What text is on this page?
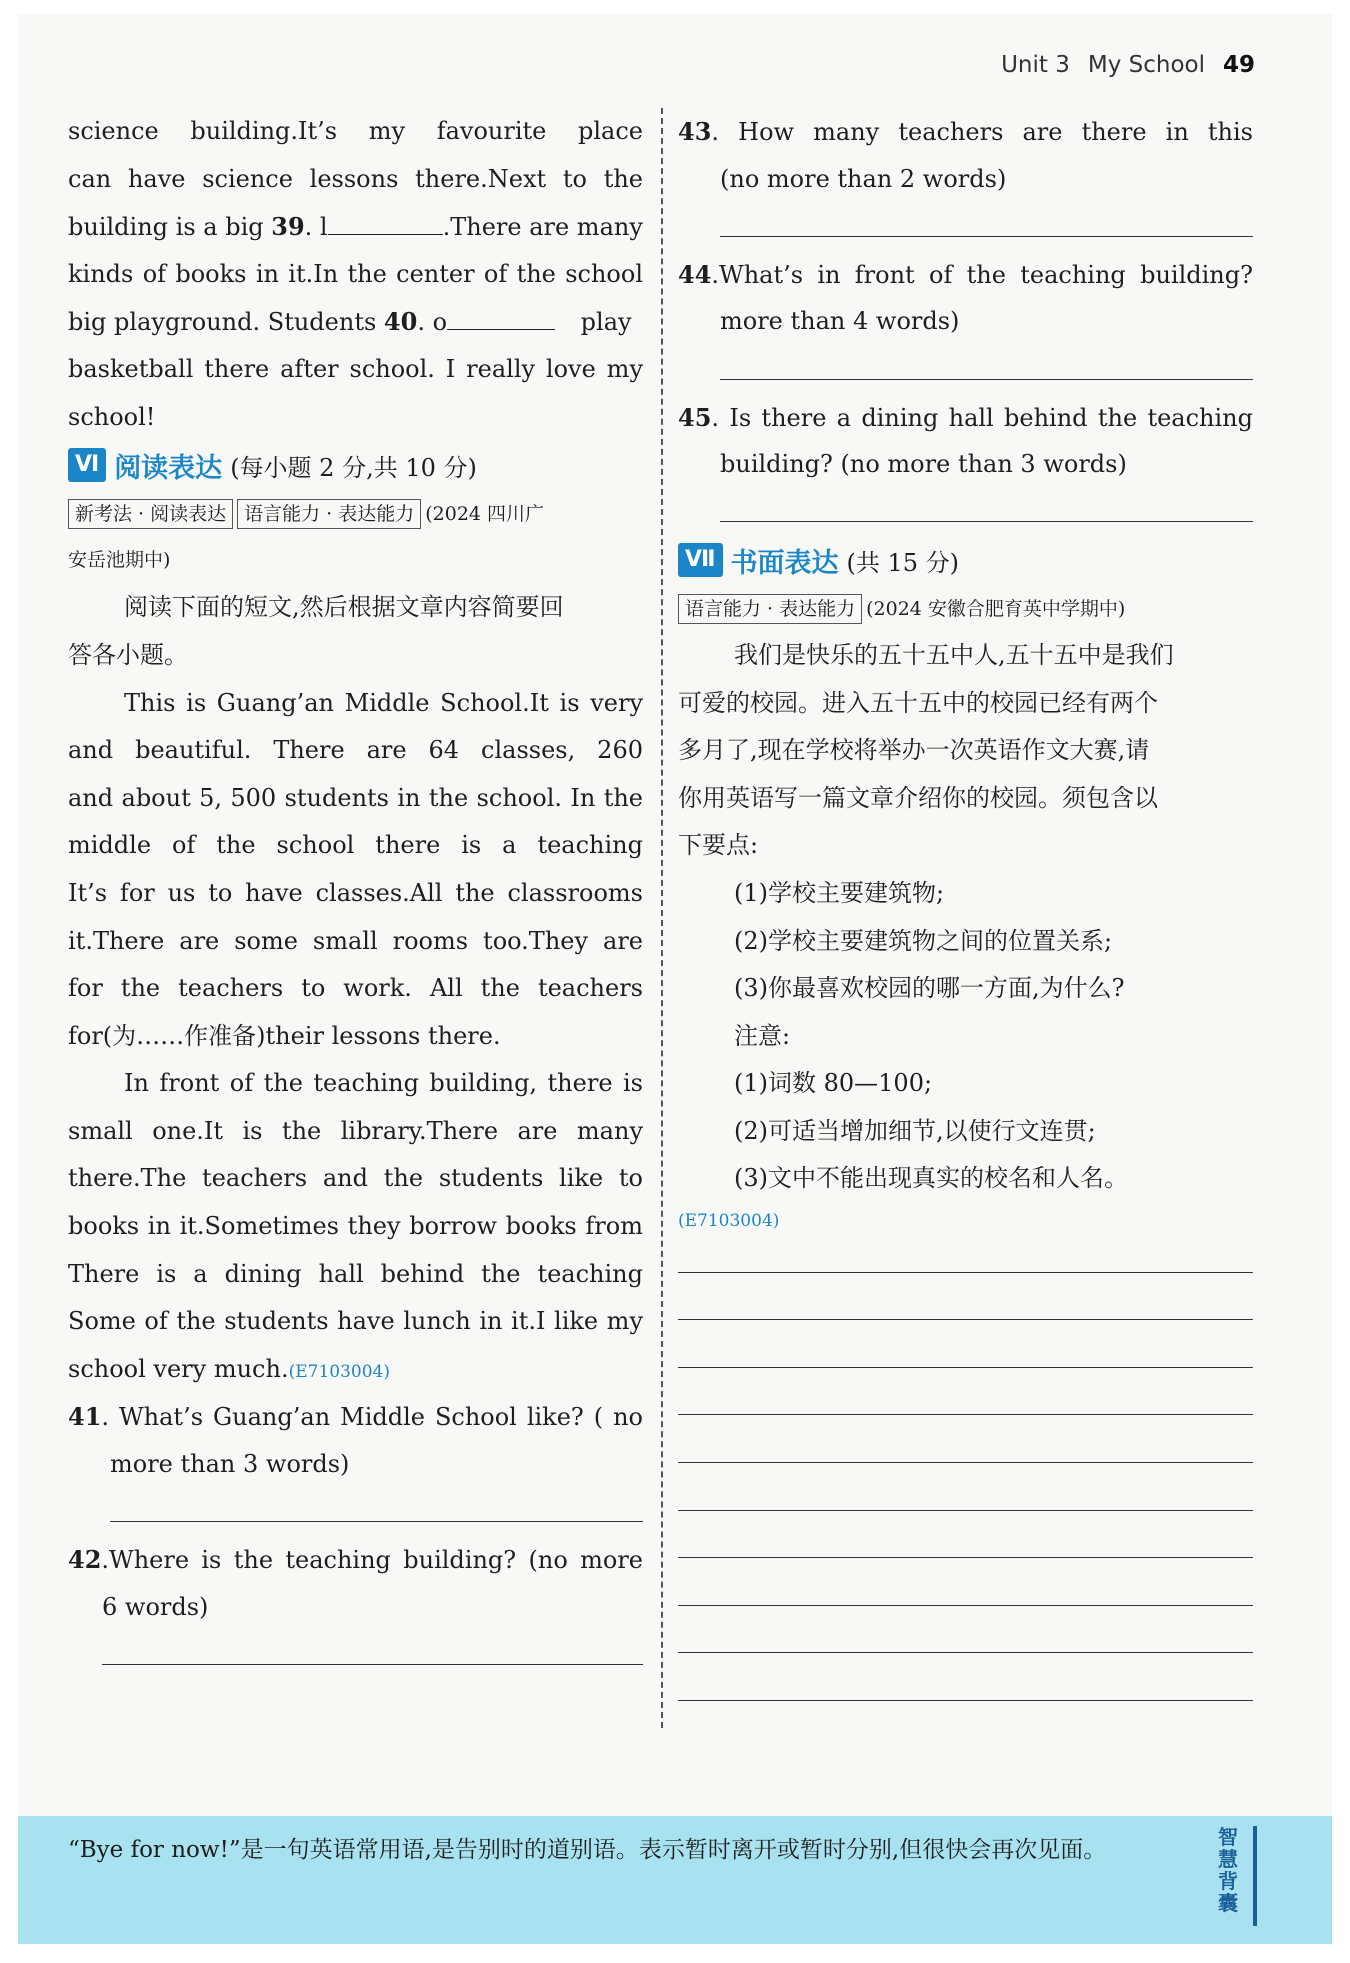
Unit 3 My School 49
science building.It’s my favourite place
can have science lessons there.Next to the
building is a big 39. l	.There are many
kinds of books in it.In the center of the school
big playground. Students 40. o	play
basketball there after school. I really love my
school!
Ⅵ 阅读表达 (每小题 2 分,共 10 分)
新考法 · 阅读表达 语言能力 · 表达能力 (2024 四川广
安岳池期中)
阅读下面的短文,然后根据文章内容简要回
答各小题。
This is Guang’an Middle School.It is very
and beautiful. There are 64 classes, 260
and about 5, 500 students in the school. In the
middle of the school there is a teaching
It’s for us to have classes.All the classrooms
it.There are some small rooms too.They are
for the teachers to work. All the teachers
for(为……作准备)their lessons there.
In front of the teaching building, there is
small one.It is the library.There are many
there.The teachers and the students like to
books in it.Sometimes they borrow books from
There is a dining hall behind the teaching
Some of the students have lunch in it.I like my
school very much.(E7103004)
41. What’s Guang’an Middle School like? ( no
more than 3 words)
42.Where is the teaching building? (no more
6 words)
43. How many teachers are there in this
(no more than 2 words)
44.What’s in front of the teaching building?
more than 4 words)
45. Is there a dining hall behind the teaching
building? (no more than 3 words)
Ⅶ 书面表达 (共 15 分)
语言能力 · 表达能力 (2024 安徽合肥育英中学期中)
我们是快乐的五十五中人,五十五中是我们
可爱的校园。进入五十五中的校园已经有两个
多月了,现在学校将举办一次英语作文大赛,请
你用英语写一篇文章介绍你的校园。须包含以
下要点:
(1)学校主要建筑物;
(2)学校主要建筑物之间的位置关系;
(3)你最喜欢校园的哪一方面,为什么?
注意:
(1)词数 80—100;
(2)可适当增加细节,以使行文连贯;
(3)文中不能出现真实的校名和人名。
(E7103004)
“Bye for now!”是一句英语常用语,是告别时的道别语。表示暂时离开或暂时分别,但很快会再次见面。	智慧背囊
